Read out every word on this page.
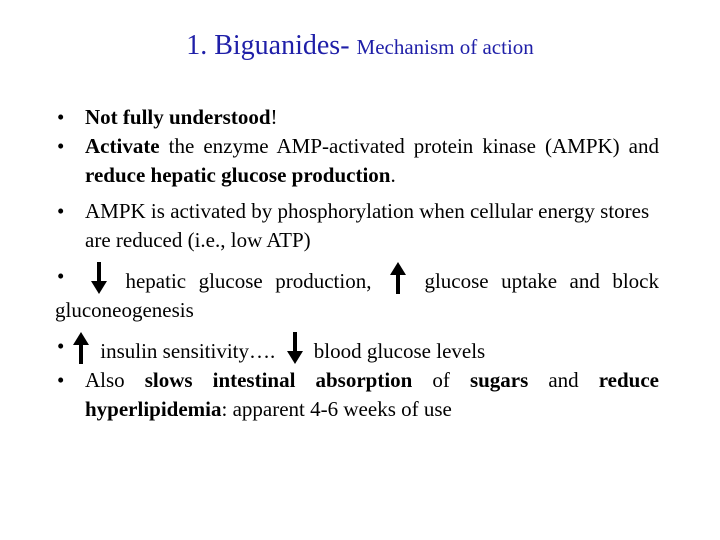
1. Biguanides- Mechanism of action
• Not fully understood!
• Activate the enzyme AMP-activated protein kinase (AMPK) and reduce hepatic glucose production.
• AMPK is activated by phosphorylation when cellular energy stores are reduced (i.e., low ATP)
•	hepatic glucose production,	glucose uptake and block
gluconeogenesis
• insulin sensitivity…. blood glucose levels
• Also slows intestinal absorption of sugars and reduce hyperlipidemia: apparent 4-6 weeks of use
